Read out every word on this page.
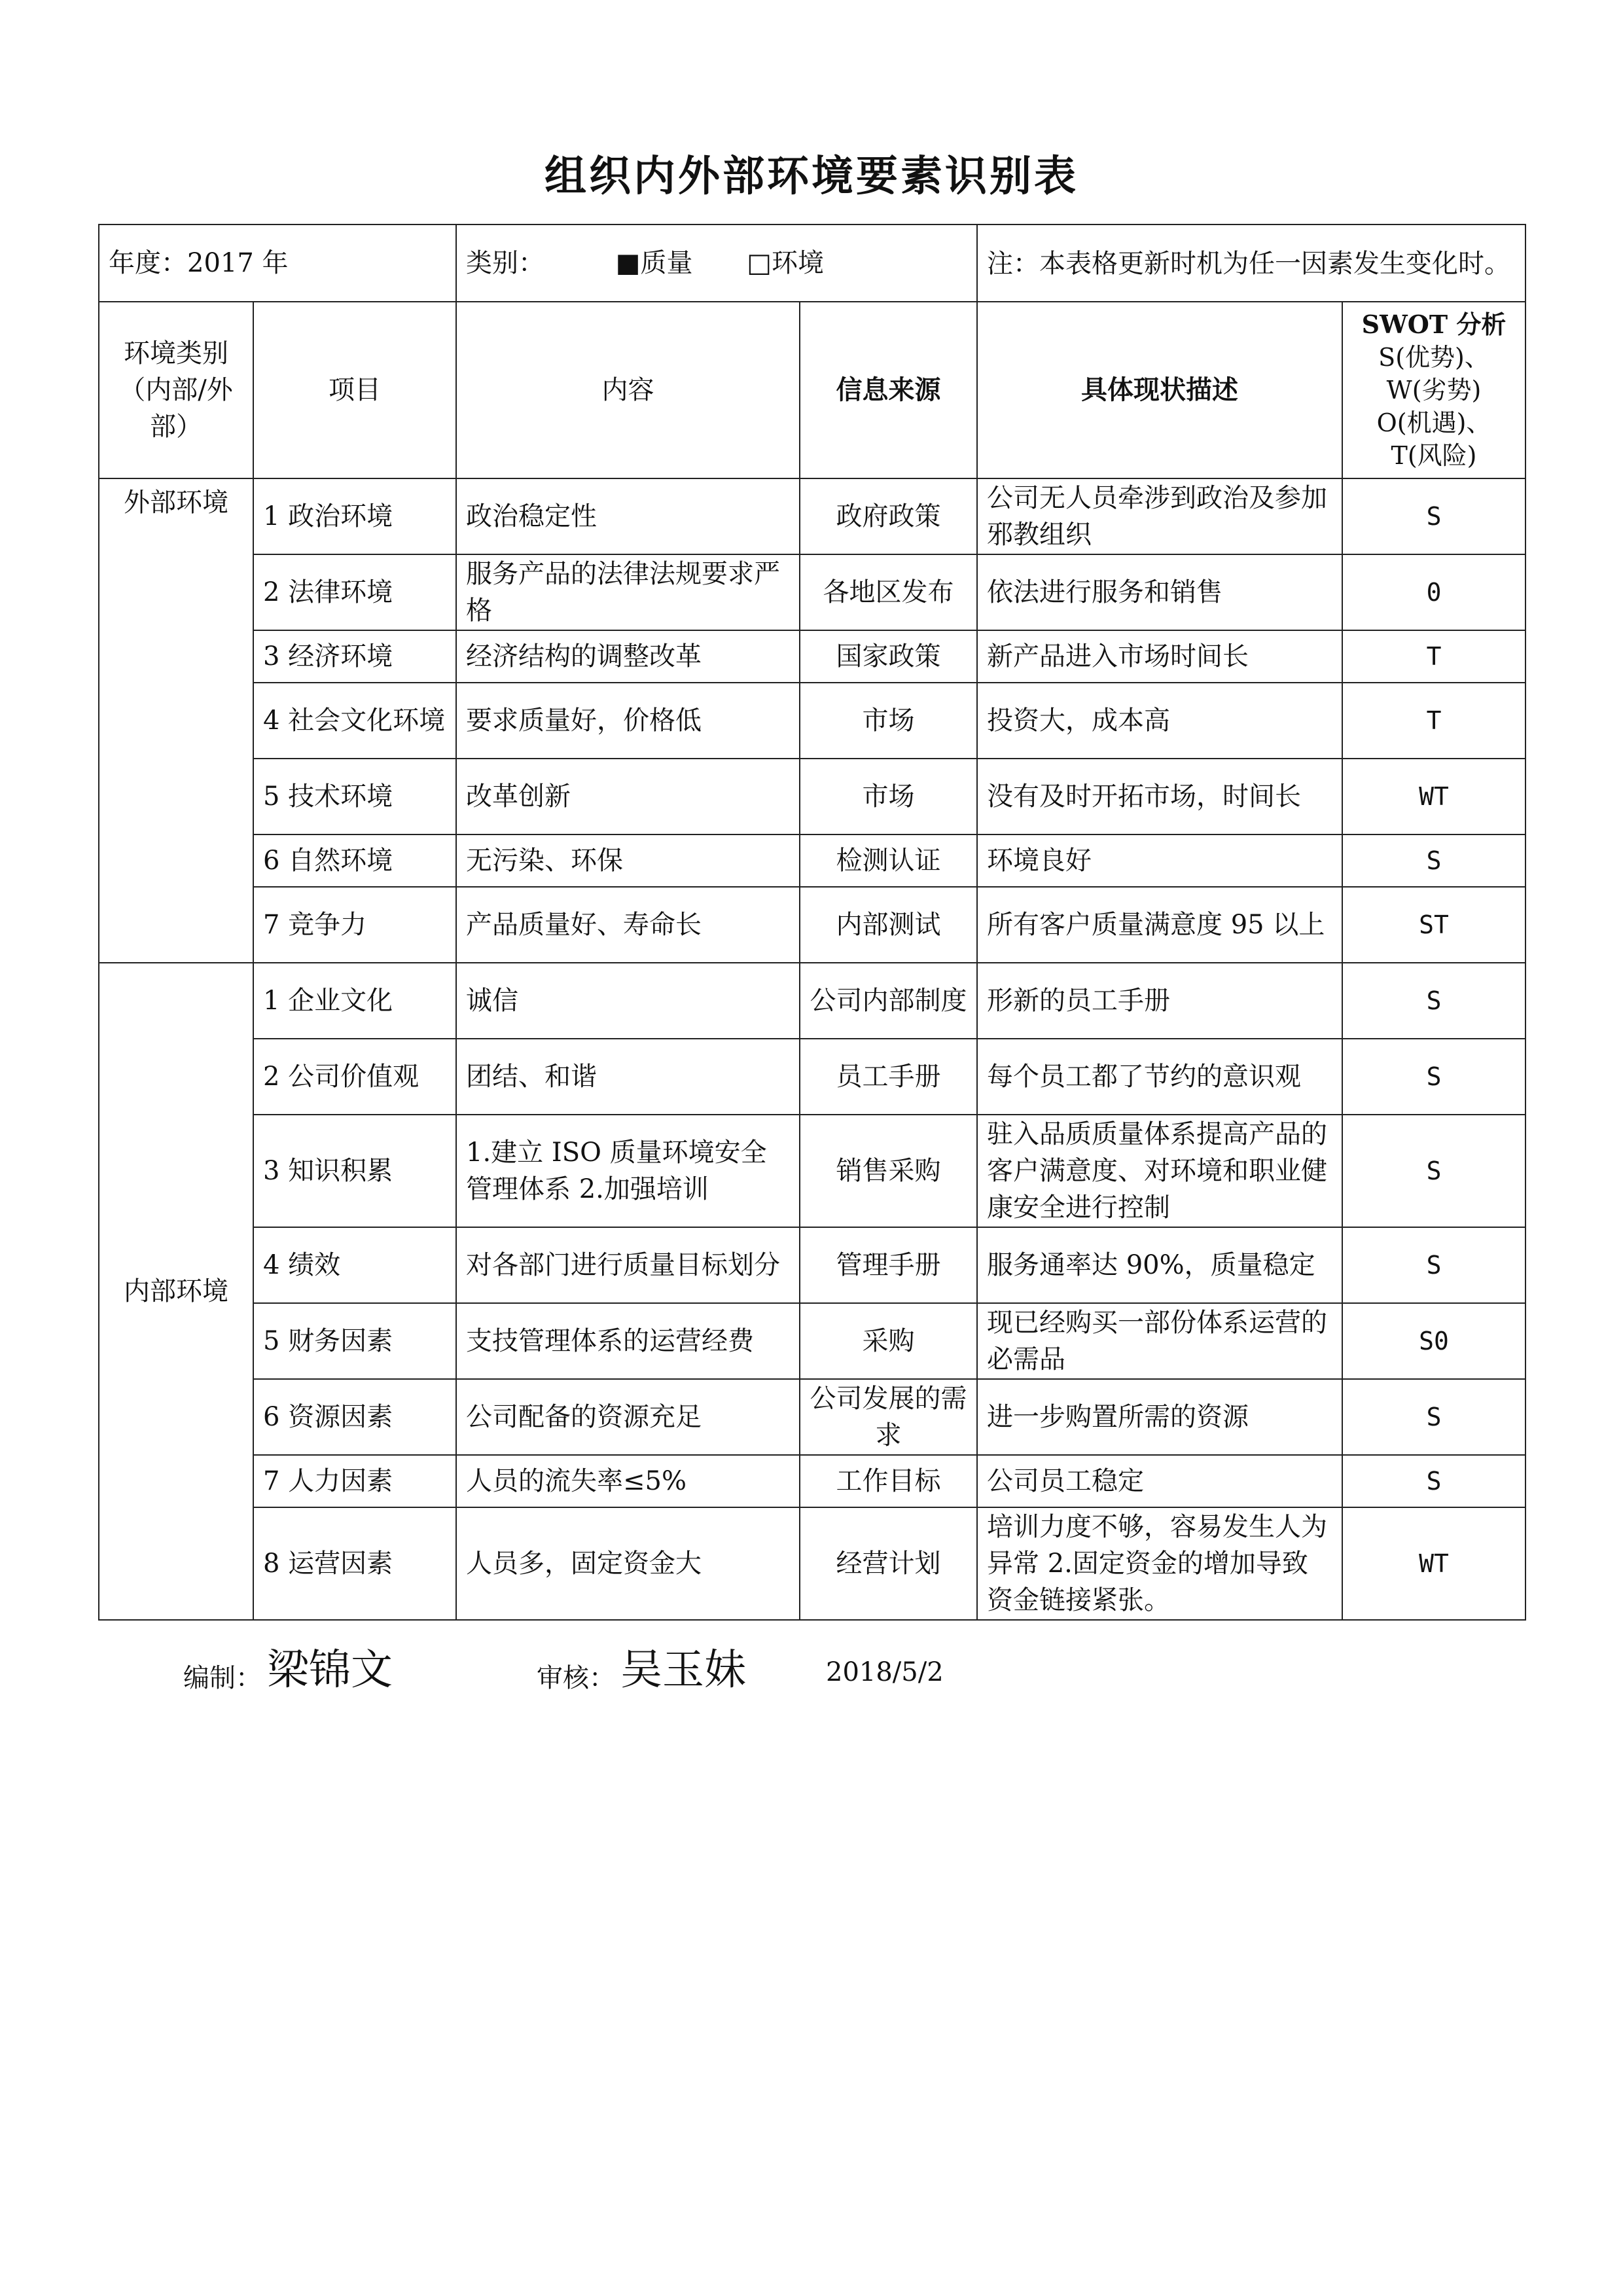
组织内外部环境要素识别表
年度：2017 年		类别： ■质量 □环境		注：本表格更新时机为任一因素发生变化时。	
环境类别（内部/外部）	项目	内容	信息来源	具体现状描述	SWOT 分析
S(优势)、
W(劣势)
O(机遇)、
T(风险)

外部环境	1 政治环境	政治稳定性	政府政策	公司无人员牵涉到政治及参加邪教组织	S
	2 法律环境	服务产品的法律法规要求严格	各地区发布	依法进行服务和销售	0
	3 经济环境	经济结构的调整改革	国家政策	新产品进入市场时间长	T
	4 社会文化环境	要求质量好，价格低	市场	投资大，成本高	T
	5 技术环境	改革创新	市场	没有及时开拓市场，时间长	WT
	6 自然环境	无污染、环保	检测认证	环境良好	S
	7 竞争力	产品质量好、寿命长	内部测试	所有客户质量满意度 95 以上	ST
内部环境	1 企业文化	诚信	公司内部制度	形新的员工手册	S
	2 公司价值观	团结、和谐	员工手册	每个员工都了节约的意识观	S
	3 知识积累	1.建立 ISO 质量环境安全管理体系 2.加强培训	销售采购	驻入品质质量体系提高产品的客户满意度、对环境和职业健康安全进行控制	S
	4 绩效	对各部门进行质量目标划分	管理手册	服务通率达 90%，质量稳定	S
	5 财务因素	支技管理体系的运营经费	采购	现已经购买一部份体系运营的必需品	S0
	6 资源因素	公司配备的资源充足	公司发展的需求	进一步购置所需的资源	S
	7 人力因素	人员的流失率≤5%	工作目标	公司员工稳定	S
	8 运营因素	人员多，固定资金大	经营计划	培训力度不够，容易发生人为异常 2.固定资金的增加导致资金链接紧张。	WT
编制： 梁锦文	审核： 吴玉妹	2018/5/2
